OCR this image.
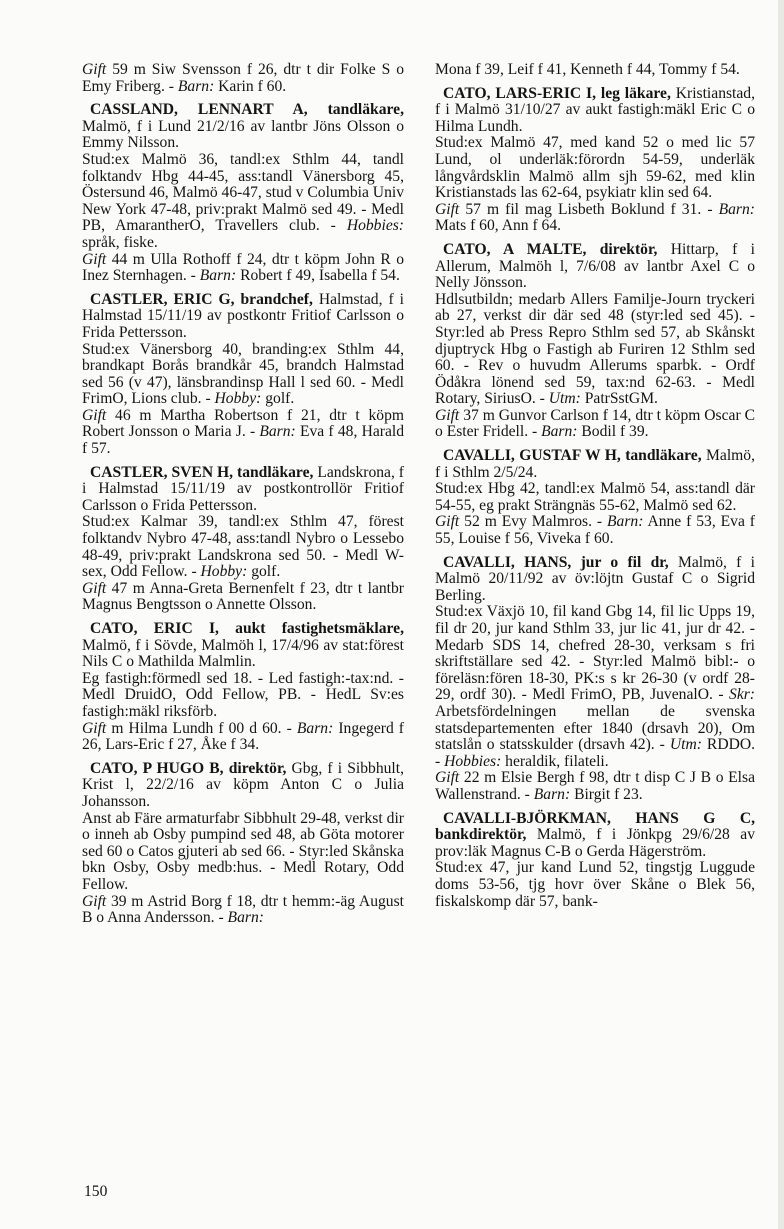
Gift 59 m Siw Svensson f 26, dtr t dir Folke S o Emy Friberg. - Barn: Karin f 60.

CASSLAND, LENNART A, tandläkare, Malmö, f i Lund 21/2/16 av lantbr Jöns Olsson o Emmy Nilsson.

Stud:ex Malmö 36, tandl:ex Sthlm 44, tandl folktandv Hbg 44-45, ass:tandl Vänersborg 45, Östersund 46, Malmö 46-47, stud v Columbia Univ New York 47-48, priv:prakt Malmö sed 49. - Medl PB, AmarantherO, Travellers club. - Hobbies: språk, fiske.

Gift 44 m Ulla Rothoff f 24, dtr t köpm John R o Inez Sternhagen. - Barn: Robert f 49, Isabella f 54.

CASTLER, ERIC G, brandchef, Halmstad, f i Halmstad 15/11/19 av postkontr Fritiof Carlsson o Frida Pettersson.

Stud:ex Vänersborg 40, branding:ex Sthlm 44, brandkapt Borås brandkår 45, brandch Halmstad sed 56 (v 47), länsbrandinsp Hall l sed 60. - Medl FrimO, Lions club. - Hobby: golf.

Gift 46 m Martha Robertson f 21, dtr t köpm Robert Jonsson o Maria J. - Barn: Eva f 48, Harald f 57.

CASTLER, SVEN H, tandläkare, Landskrona, f i Halmstad 15/11/19 av postkontrollör Fritiof Carlsson o Frida Pettersson.

Stud:ex Kalmar 39, tandl:ex Sthlm 47, förest folktandv Nybro 47-48, ass:tandl Nybro o Lessebo 48-49, priv:prakt Landskrona sed 50. - Medl W-sex, Odd Fellow. - Hobby: golf.

Gift 47 m Anna-Greta Bernenfelt f 23, dtr t lantbr Magnus Bengtsson o Annette Olsson.

CATO, ERIC I, aukt fastighetsmäklare, Malmö, f i Sövde, Malmöh l, 17/4/96 av stat:förest Nils C o Mathilda Malmlin.

Eg fastigh:förmedl sed 18. - Led fastigh:-tax:nd. - Medl DruidO, Odd Fellow, PB. - HedL Sv:es fastigh:mäkl riksförb.

Gift m Hilma Lundh f 00 d 60. - Barn: Ingegerd f 26, Lars-Eric f 27, Åke f 34.

CATO, P HUGO B, direktör, Gbg, f i Sibbhult, Krist l, 22/2/16 av köpm Anton C o Julia Johansson.

Anst ab Färe armaturfabr Sibbhult 29-48, verkst dir o inneh ab Osby pumpind sed 48, ab Göta motorer sed 60 o Catos gjuteri ab sed 66. - Styr:led Skånska bkn Osby, Osby medb:hus. - Medl Rotary, Odd Fellow.

Gift 39 m Astrid Borg f 18, dtr t hemm:-äg August B o Anna Andersson. - Barn:

Mona f 39, Leif f 41, Kenneth f 44, Tommy f 54.

CATO, LARS-ERIC I, leg läkare, Kristianstad, f i Malmö 31/10/27 av aukt fastigh:mäkl Eric C o Hilma Lundh.

Stud:ex Malmö 47, med kand 52 o med lic 57 Lund, ol underläk:förordn 54-59, underläk långvårdsklin Malmö allm sjh 59-62, med klin Kristianstads las 62-64, psykiatr klin sed 64.

Gift 57 m fil mag Lisbeth Boklund f 31. - Barn: Mats f 60, Ann f 64.

CATO, A MALTE, direktör, Hittarp, f i Allerum, Malmöh l, 7/6/08 av lantbr Axel C o Nelly Jönsson.

Hdlsutbildn; medarb Allers Familje-Journ tryckeri ab 27, verkst dir där sed 48 (styr:led sed 45). - Styr:led ab Press Repro Sthlm sed 57, ab Skånskt djuptryck Hbg o Fastigh ab Furiren 12 Sthlm sed 60. - Rev o huvudm Allerums sparbk. - Ordf Ödåkra lönend sed 59, tax:nd 62-63. - Medl Rotary, SiriusO. - Utm: PatrSstGM.

Gift 37 m Gunvor Carlson f 14, dtr t köpm Oscar C o Ester Fridell. - Barn: Bodil f 39.

CAVALLI, GUSTAF W H, tandläkare, Malmö, f i Sthlm 2/5/24.

Stud:ex Hbg 42, tandl:ex Malmö 54, ass:tandl där 54-55, eg prakt Strängnäs 55-62, Malmö sed 62.

Gift 52 m Evy Malmros. - Barn: Anne f 53, Eva f 55, Louise f 56, Viveka f 60.

CAVALLI, HANS, jur o fil dr, Malmö, f i Malmö 20/11/92 av öv:löjtn Gustaf C o Sigrid Berling.

Stud:ex Växjö 10, fil kand Gbg 14, fil lic Upps 19, fil dr 20, jur kand Sthlm 33, jur lic 41, jur dr 42. - Medarb SDS 14, chefred 28-30, verksam s fri skriftställare sed 42. - Styr:led Malmö bibl:- o föreläsn:fören 18-30, PK:s s kr 26-30 (v ordf 28-29, ordf 30). - Medl FrimO, PB, JuvenalO. - Skr: Arbetsfördelningen mellan de svenska statsdepartementen efter 1840 (drsavh 20), Om statslån o statsskulder (drsavh 42). - Utm: RDDO. - Hobbies: heraldik, filateli.

Gift 22 m Elsie Bergh f 98, dtr t disp C J B o Elsa Wallenstrand. - Barn: Birgit f 23.

CAVALLI-BJÖRKMAN, HANS G C, bankdirektör, Malmö, f i Jönkpg 29/6/28 av prov:läk Magnus C-B o Gerda Hägerström.

Stud:ex 47, jur kand Lund 52, tingstjg Luggude doms 53-56, tjg hovr över Skåne o Blek 56, fiskalskomp där 57, bank-

150
